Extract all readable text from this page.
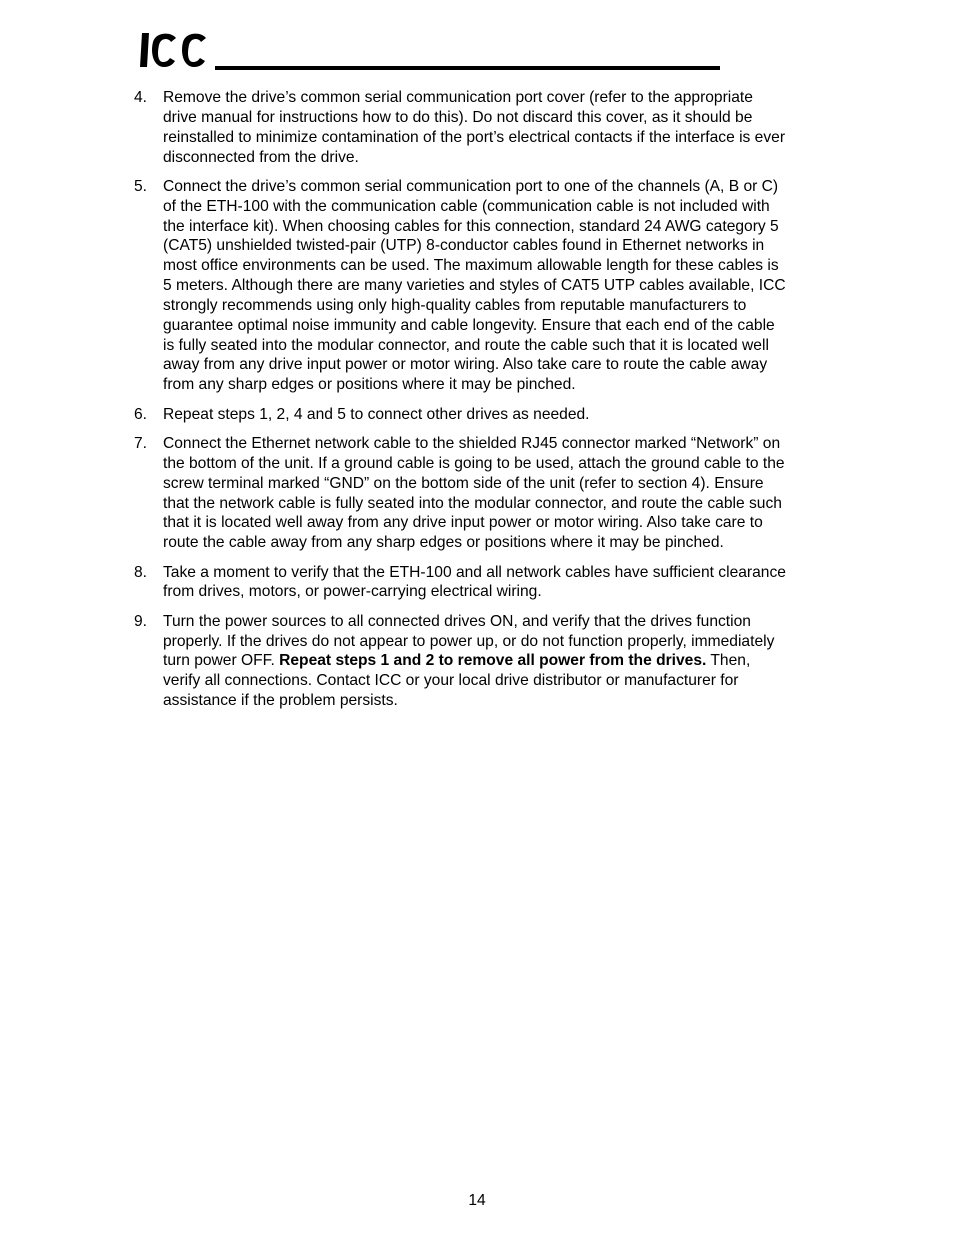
4.	Remove the drive’s common serial communication port cover (refer to the appropriate drive manual for instructions how to do this). Do not discard this cover, as it should be reinstalled to minimize contamination of the port’s electrical contacts if the interface is ever disconnected from the drive.
5.	Connect the drive’s common serial communication port to one of the channels (A, B or C) of the ETH-100 with the communication cable (communication cable is not included with the interface kit). When choosing cables for this connection, standard 24 AWG category 5 (CAT5) unshielded twisted-pair (UTP) 8-conductor cables found in Ethernet networks in most office environments can be used. The maximum allowable length for these cables is 5 meters. Although there are many varieties and styles of CAT5 UTP cables available, ICC strongly recommends using only high-quality cables from reputable manufacturers to guarantee optimal noise immunity and cable longevity. Ensure that each end of the cable is fully seated into the modular connector, and route the cable such that it is located well away from any drive input power or motor wiring. Also take care to route the cable away from any sharp edges or positions where it may be pinched.
6.	Repeat steps 1, 2, 4 and 5 to connect other drives as needed.
7.	Connect the Ethernet network cable to the shielded RJ45 connector marked “Network” on the bottom of the unit. If a ground cable is going to be used, attach the ground cable to the screw terminal marked “GND” on the bottom side of the unit (refer to section 4). Ensure that the network cable is fully seated into the modular connector, and route the cable such that it is located well away from any drive input power or motor wiring. Also take care to route the cable away from any sharp edges or positions where it may be pinched.
8.	Take a moment to verify that the ETH-100 and all network cables have sufficient clearance from drives, motors, or power-carrying electrical wiring.
9.	Turn the power sources to all connected drives ON, and verify that the drives function properly. If the drives do not appear to power up, or do not function properly, immediately turn power OFF. Repeat steps 1 and 2 to remove all power from the drives. Then, verify all connections. Contact ICC or your local drive distributor or manufacturer for assistance if the problem persists.
14
